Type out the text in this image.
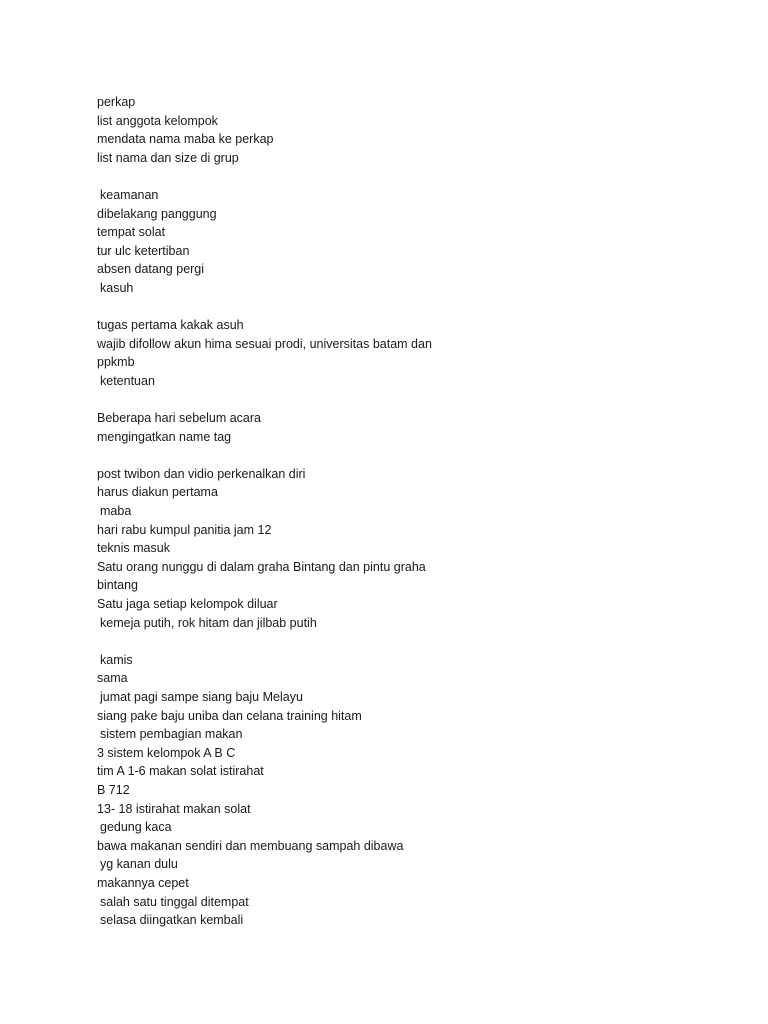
perkap
list anggota kelompok
mendata nama maba ke perkap
list nama dan size di grup
keamanan
dibelakang panggung
tempat solat
tur ulc ketertiban
absen datang pergi
kasuh
tugas pertama kakak asuh
wajib difollow akun hima sesuai prodi, universitas batam dan
ppkmb
ketentuan
Beberapa hari sebelum acara
mengingatkan name tag
post twibon dan vidio perkenalkan diri
harus diakun pertama
maba
hari rabu kumpul panitia jam 12
teknis masuk
Satu orang nunggu di dalam graha Bintang dan pintu graha
bintang
Satu jaga setiap kelompok diluar
kemeja putih, rok hitam dan jilbab putih
kamis
sama
jumat pagi sampe siang baju Melayu
siang pake baju uniba dan celana training hitam
sistem pembagian makan
3 sistem kelompok A B C
tim A 1-6 makan solat istirahat
B 712
13- 18 istirahat makan solat
gedung kaca
bawa makanan sendiri dan membuang sampah dibawa
yg kanan dulu
makannya cepet
salah satu tinggal ditempat
selasa diingatkan kembali
